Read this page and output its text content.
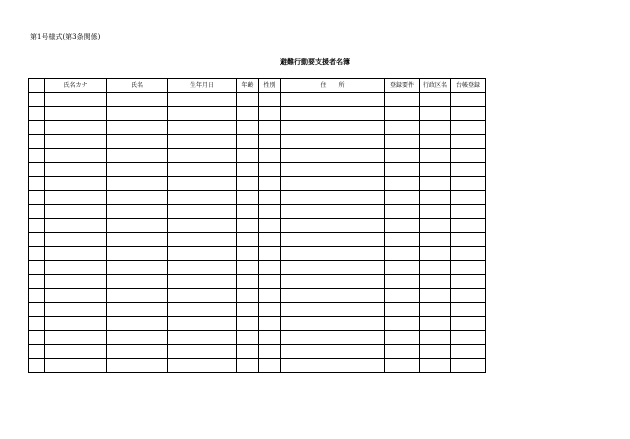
第1号様式(第3条関係)
避難行動要支援者名簿
	氏名カナ	氏名	生年月日	年齢	性別	住　　所	登録要件	行政区名	台帳登録
